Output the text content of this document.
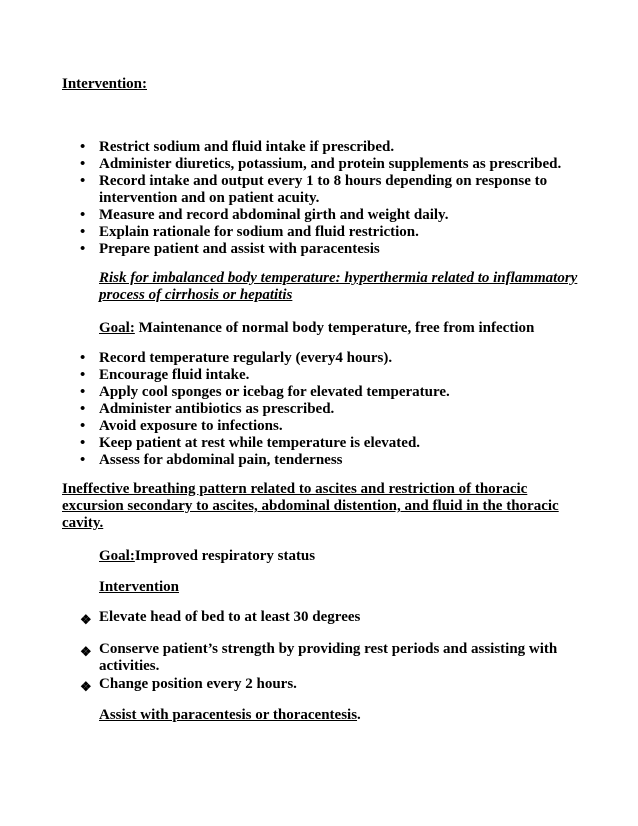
Intervention:
• Restrict sodium and fluid intake if prescribed.
• Administer diuretics, potassium, and protein supplements as prescribed.
• Record intake and output every 1 to 8 hours depending on response to intervention and on patient acuity.
• Measure and record abdominal girth and weight daily.
• Explain rationale for sodium and fluid restriction.
• Prepare patient and assist with paracentesis
Risk for imbalanced body temperature: hyperthermia related to inflammatory process of cirrhosis or hepatitis
Goal: Maintenance of normal body temperature, free from infection
• Record temperature regularly (every4 hours).
• Encourage fluid intake.
• Apply cool sponges or icebag for elevated temperature.
• Administer antibiotics as prescribed.
• Avoid exposure to infections.
• Keep patient at rest while temperature is elevated.
• Assess for abdominal pain, tenderness
Ineffective breathing pattern related to ascites and restriction of thoracic excursion secondary to ascites, abdominal distention, and fluid in the thoracic cavity.
Goal:Improved respiratory status
Intervention
❖ Elevate head of bed to at least 30 degrees
❖ Conserve patient’s strength by providing rest periods and assisting with activities.
❖ Change position every 2 hours.
Assist with paracentesis or thoracentesis.
